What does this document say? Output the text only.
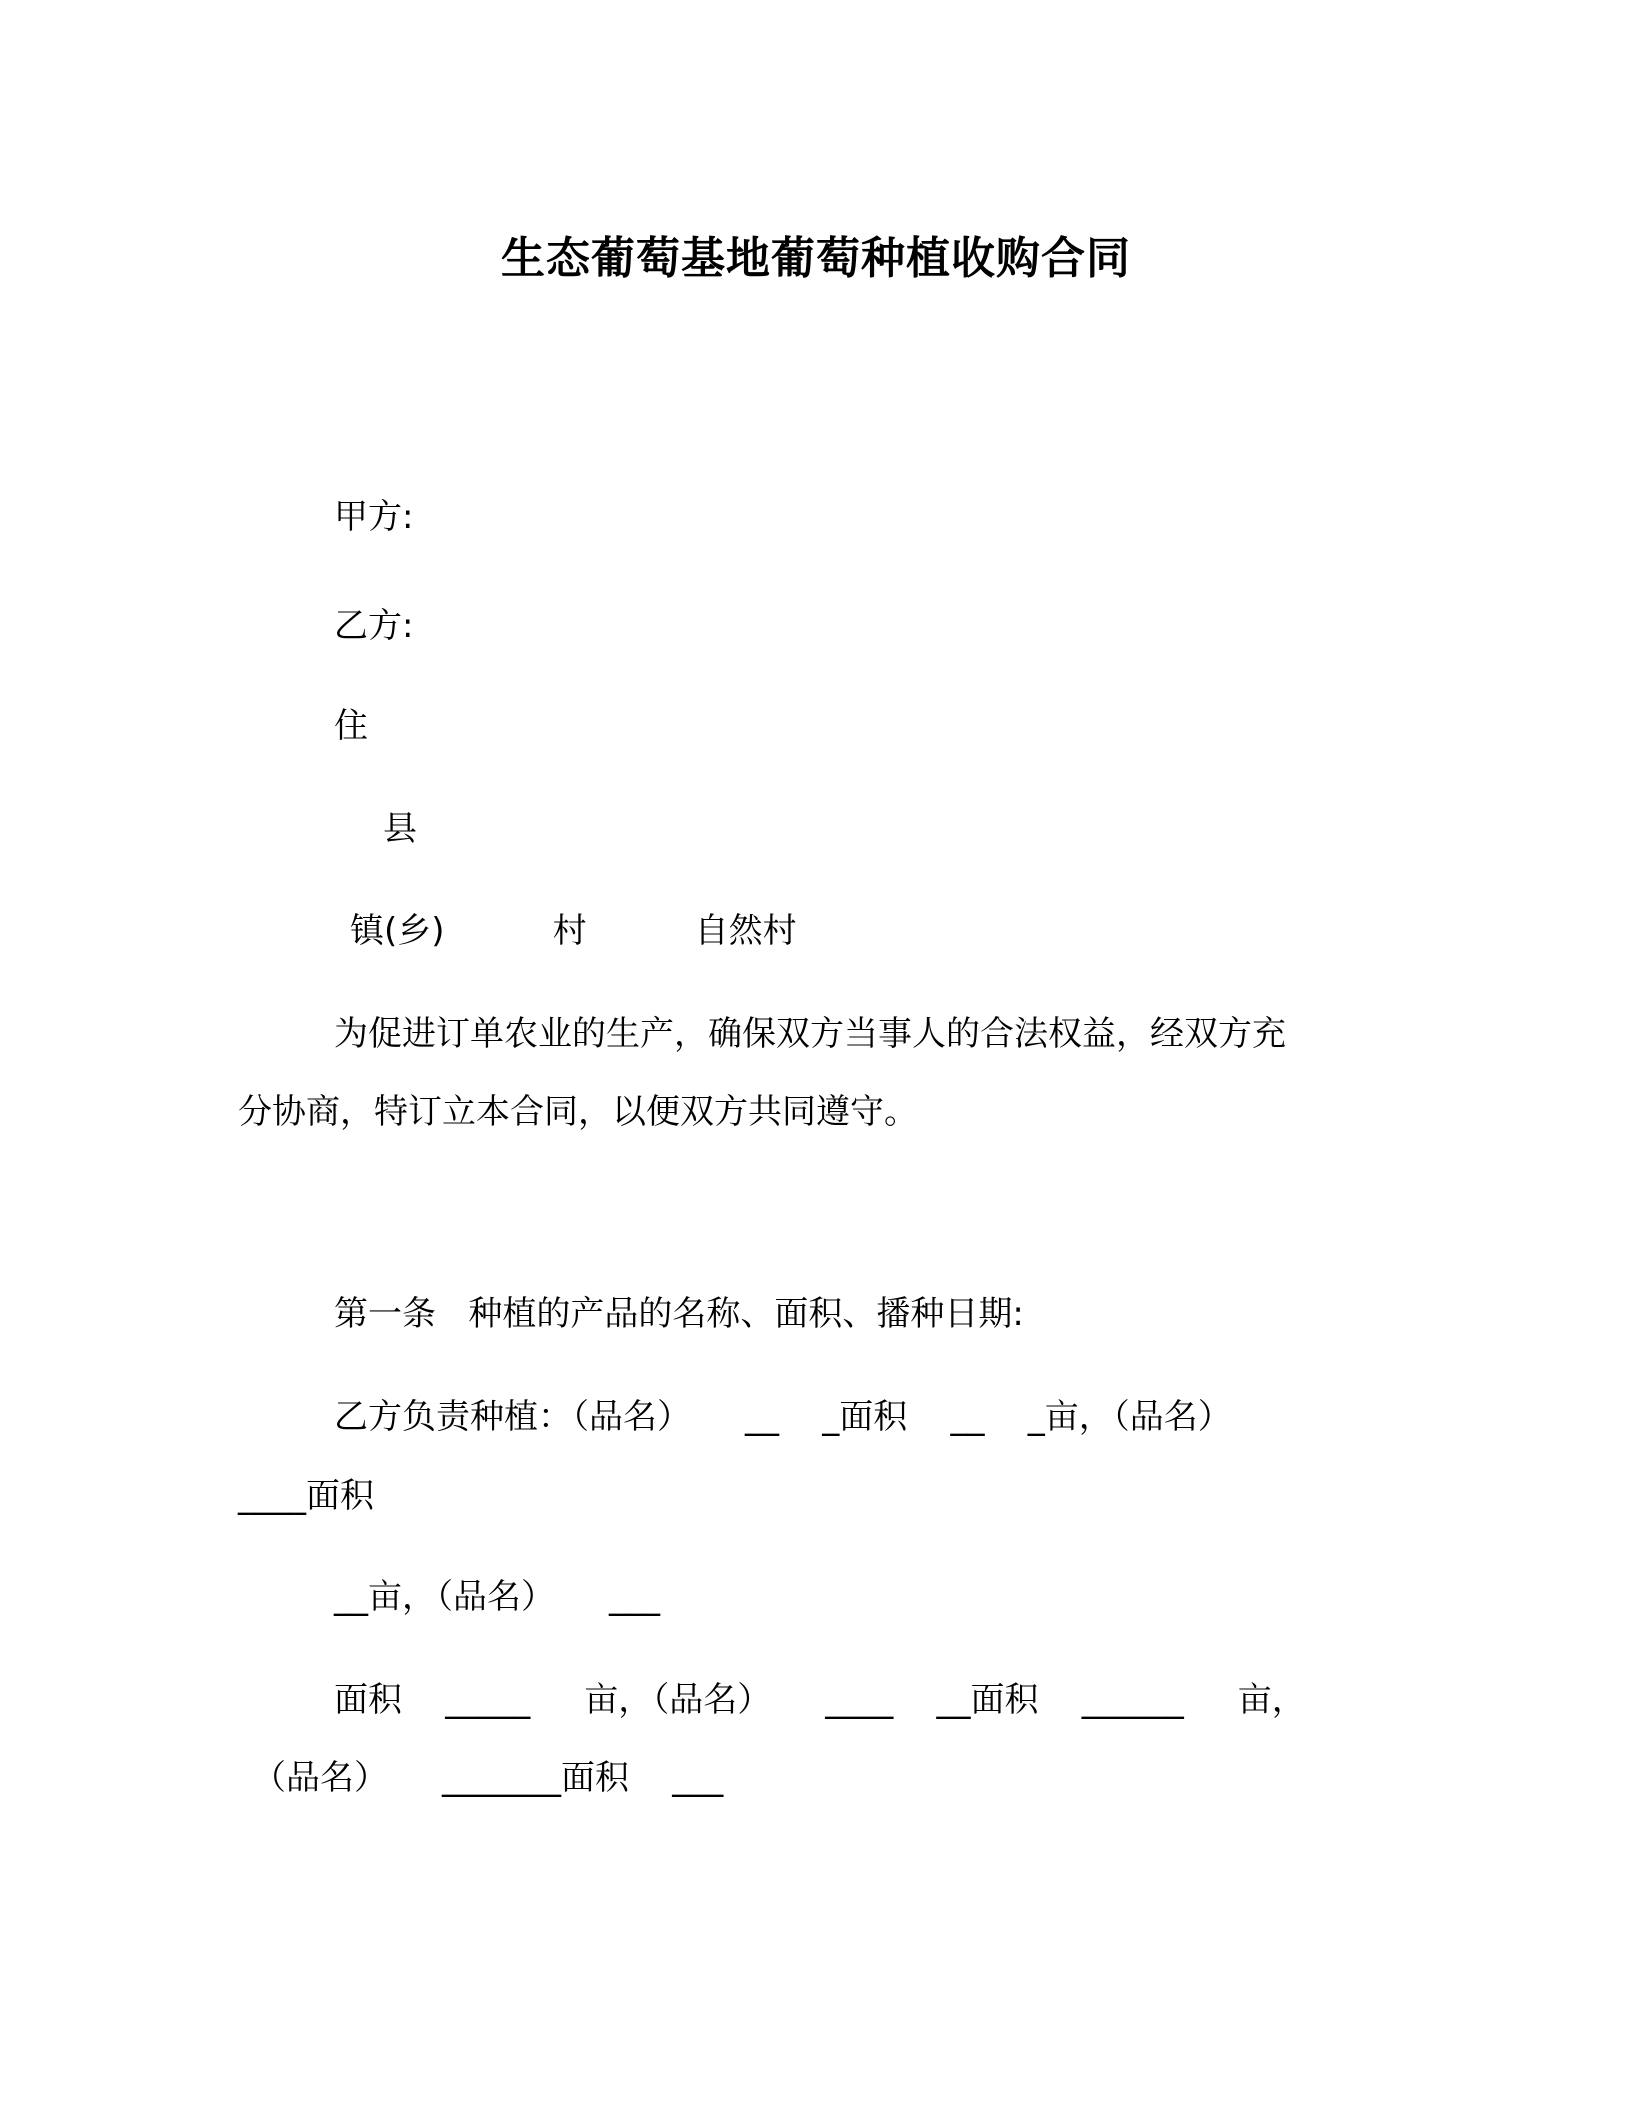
生态葡萄基地葡萄种植收购合同

甲方:

乙方:

住

县

镇(乡)          村          自然村

为促进订单农业的生产，确保双方当事人的合法权益，经双方充

分协商，特订立本合同，以便双方共同遵守。

第一条   种植的产品的名称、面积、播种日期:

乙方负责种植：（品名）     __    _面积    __    _亩，（品名）

____面积

__亩，（品名）     ___

面积    _____     亩，（品名）     ____    __面积    ______     亩，

（品名）     _______面积    ___
